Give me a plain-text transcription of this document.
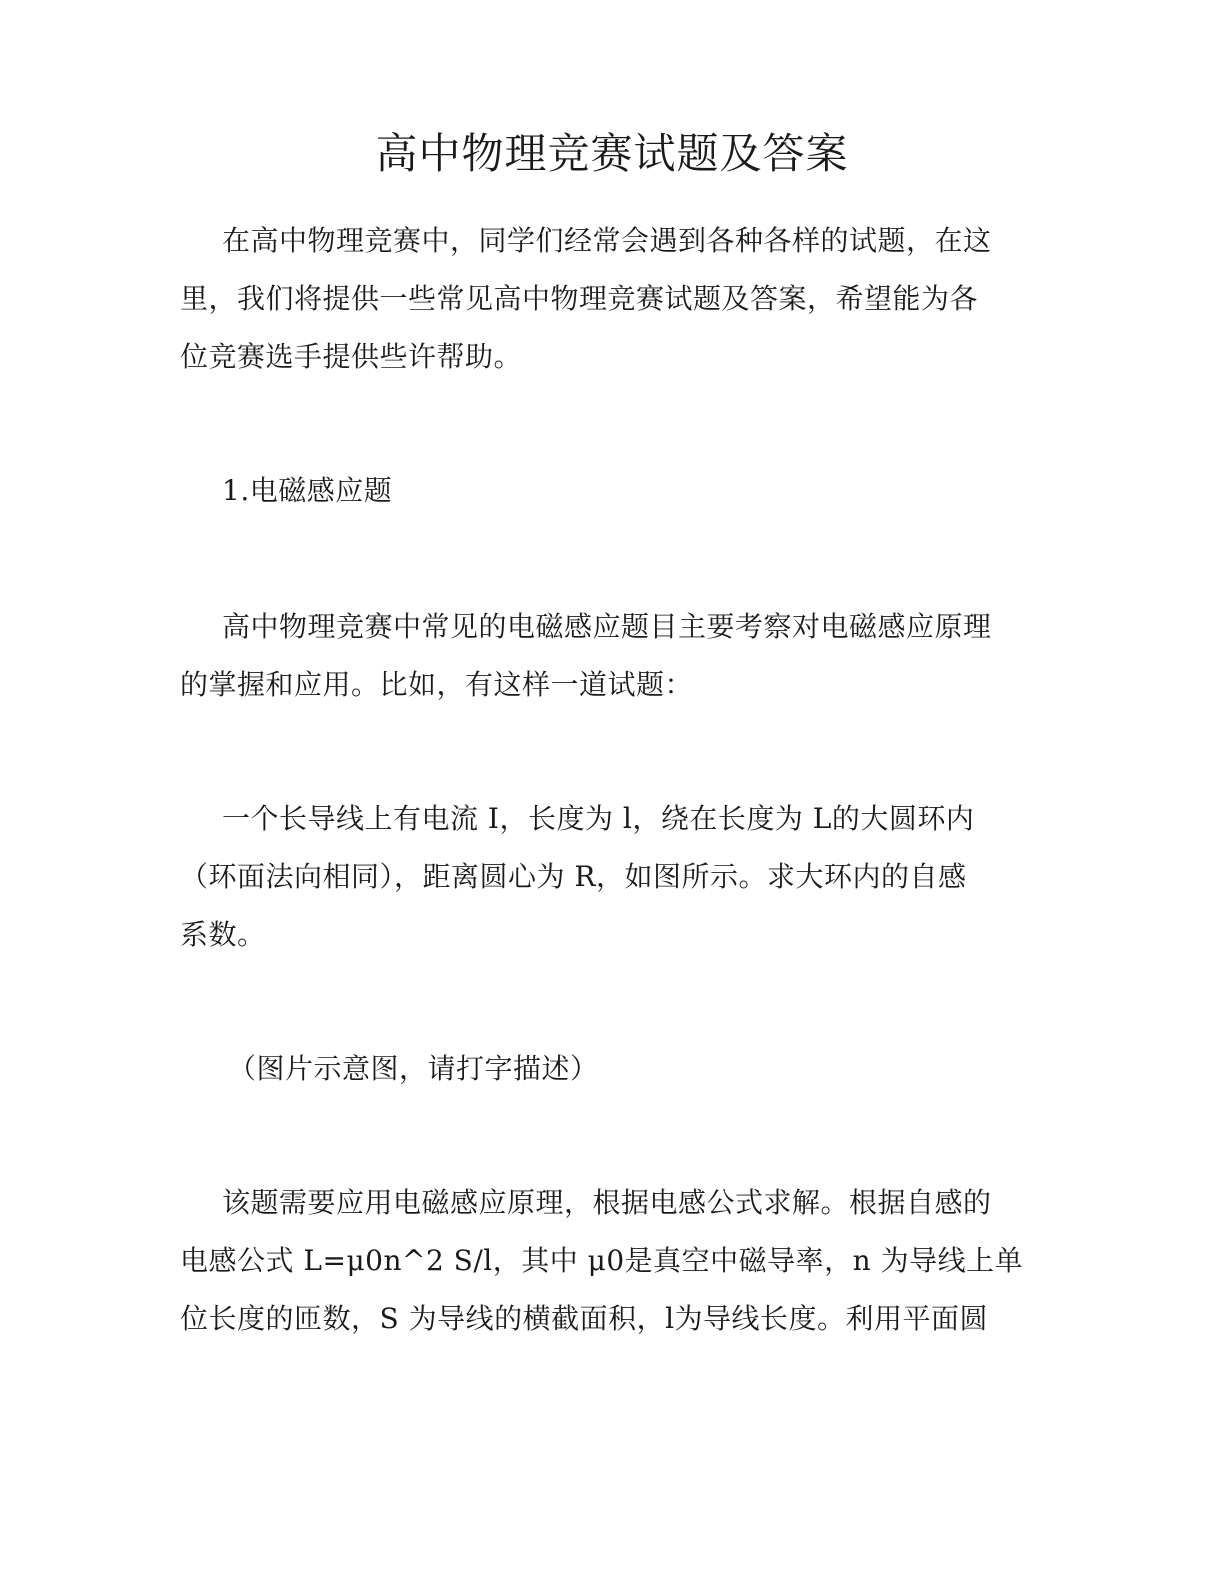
高中物理竞赛试题及答案

在高中物理竞赛中，同学们经常会遇到各种各样的试题，在这
里，我们将提供一些常见高中物理竞赛试题及答案，希望能为各
位竞赛选手提供些许帮助。

1.电磁感应题

高中物理竞赛中常见的电磁感应题目主要考察对电磁感应原理
的掌握和应用。比如，有这样一道试题：

一个长导线上有电流 I，长度为 l，绕在长度为 L的大圆环内
（环面法向相同），距离圆心为 R，如图所示。求大环内的自感
系数。

（图片示意图，请打字描述）

该题需要应用电磁感应原理，根据电感公式求解。根据自感的
电感公式 L=μ0n^2 S/l，其中 μ0是真空中磁导率，n 为导线上单
位长度的匝数，S 为导线的横截面积，l为导线长度。利用平面圆
